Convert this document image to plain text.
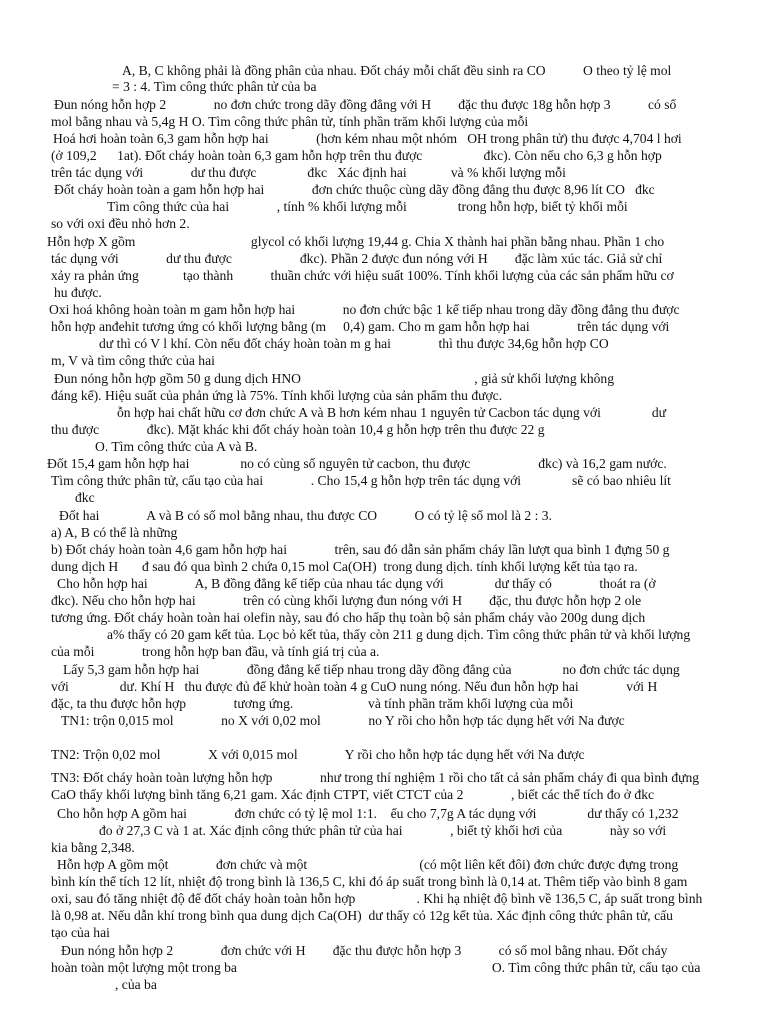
A, B, C không phải là đồng phân của nhau. Đốt cháy mỗi chất đều sinh ra CO           O theo tỷ lệ mol
= 3 : 4. Tìm công thức phân tử của ba
Đun nóng hỗn hợp 2              no đơn chức trong dãy đồng đẳng với H        đặc thu được 18g hỗn hợp 3           có số
mol bằng nhau và 5,4g H O. Tìm công thức phân tử, tính phần trăm khối lượng của mỗi
Hoá hơi hoàn toàn 6,3 gam hỗn hợp hai              (hơn kém nhau một nhóm   OH trong phân tử) thu được 4,704 l hơi
(ở 109,2      1at). Đốt cháy hoàn toàn 6,3 gam hỗn hợp trên thu được                  đkc). Còn nếu cho 6,3 g hỗn hợp
trên tác dụng với              dư thu được               đkc   Xác định hai             và % khối lượng mỗi
Đốt cháy hoàn toàn a gam hỗn hợp hai              đơn chức thuộc cùng dãy đồng đẳng thu được 8,96 lít CO   đkc
Tìm công thức của hai              , tính % khối lượng mỗi               trong hỗn hợp, biết tỷ khối mỗi
so với oxi đều nhỏ hơn 2.
Hỗn hợp X gồm                                  glycol có khối lượng 19,44 g. Chia X thành hai phần bằng nhau. Phần 1 cho
tác dụng với              dư thu được                    đkc). Phần 2 được đun nóng với H        đặc làm xúc tác. Giả sử chỉ
xảy ra phản ứng             tạo thành           thuần chức với hiệu suất 100%. Tính khối lượng của các sản phẩm hữu cơ
hu được.
Oxi hoá không hoàn toàn m gam hỗn hợp hai              no đơn chức bậc 1 kế tiếp nhau trong dãy đồng đẳng thu được
hỗn hợp anđehit tương ứng có khối lượng bằng (m     0,4) gam. Cho m gam hỗn hợp hai              trên tác dụng với
dư thì có V l khí. Còn nếu đốt cháy hoàn toàn m g hai              thì thu được 34,6g hỗn hợp CO
m, V và tìm công thức của hai
Đun nóng hỗn hợp gồm 50 g dung dịch HNO                                                   , giả sử khối lượng không
đáng kể). Hiệu suất của phản ứng là 75%. Tính khối lượng của sản phẩm thu được.
ỗn hợp hai chất hữu cơ đơn chức A và B hơn kém nhau 1 nguyên tử Cacbon tác dụng với               dư
thu được              đkc). Mặt khác khi đốt cháy hoàn toàn 10,4 g hỗn hợp trên thu được 22 g
O. Tìm công thức của A và B.
Đốt 15,4 gam hỗn hợp hai               no có cùng số nguyên tử cacbon, thu được                    đkc) và 16,2 gam nước.
Tìm công thức phân tử, cấu tạo của hai              . Cho 15,4 g hỗn hợp trên tác dụng với               sẽ có bao nhiêu lít
đkc
Đốt hai              A và B có số mol bằng nhau, thu được CO           O có tỷ lệ số mol là 2 : 3.
a) A, B có thể là những
b) Đốt cháy hoàn toàn 4,6 gam hỗn hợp hai              trên, sau đó dẫn sản phẩm cháy lần lượt qua bình 1 đựng 50 g
dung dịch H       đ sau đó qua bình 2 chứa 0,15 mol Ca(OH)  trong dung dịch. tính khối lượng kết tủa tạo ra.
Cho hỗn hợp hai              A, B đồng đẳng kế tiếp của nhau tác dụng với               dư thấy có              thoát ra (ở
đkc). Nếu cho hỗn hợp hai              trên có cùng khối lượng đun nóng với H        đặc, thu được hỗn hợp 2 ole
tương ứng. Đốt cháy hoàn toàn hai olefin này, sau đó cho hấp thụ toàn bộ sản phẩm cháy vào 200g dung dịch
a% thấy có 20 gam kết tủa. Lọc bỏ kết tủa, thấy còn 211 g dung dịch. Tìm công thức phân tử và khối lượng
của mỗi              trong hỗn hợp ban đầu, và tính giá trị của a.
Lấy 5,3 gam hỗn hợp hai              đồng đẳng kế tiếp nhau trong dãy đồng đẳng của               no đơn chức tác dụng
với               dư. Khí H   thu được đủ để khử hoàn toàn 4 g CuO nung nóng. Nếu đun hỗn hợp hai              với H
đặc, ta thu được hỗn hợp              tương ứng.                      và tính phần trăm khối lượng của mỗi
TN1: trộn 0,015 mol              no X với 0,02 mol              no Y rồi cho hỗn hợp tác dụng hết với Na được
TN2: Trộn 0,02 mol              X với 0,015 mol              Y rồi cho hỗn hợp tác dụng hết với Na được
TN3: Đốt cháy hoàn toàn lượng hỗn hợp              như trong thí nghiệm 1 rồi cho tất cả sản phẩm cháy đi qua bình đựng
CaO thấy khối lượng bình tăng 6,21 gam. Xác định CTPT, viết CTCT của 2              , biết các thể tích đo ở đkc
Cho hỗn hợp A gồm hai              đơn chức có tỷ lệ mol 1:1.    ếu cho 7,7g A tác dụng với               dư thấy có 1,232
đo ở 27,3 C và 1 at. Xác định công thức phân tử của hai              , biết tỷ khối hơi của              này so với
kia bằng 2,348.
Hỗn hợp A gồm một              đơn chức và một                                 (có một liên kết đôi) đơn chức được đựng trong
bình kín thể tích 12 lít, nhiệt độ trong bình là 136,5 C, khi đó áp suất trong bình là 0,14 at. Thêm tiếp vào bình 8 gam
oxi, sau đó tăng nhiệt độ để đốt cháy hoàn toàn hỗn hợp                  . Khi hạ nhiệt độ bình về 136,5 C, áp suất trong bình
là 0,98 at. Nếu dẫn khí trong bình qua dung dịch Ca(OH)  dư thấy có 12g kết tủa. Xác định công thức phân tử, cấu
tạo của hai
Đun nóng hỗn hợp 2              đơn chức với H        đặc thu được hỗn hợp 3           có số mol bằng nhau. Đốt cháy
hoàn toàn một lượng một trong ba                                                                           O. Tìm công thức phân tử, cấu tạo của
, của ba
